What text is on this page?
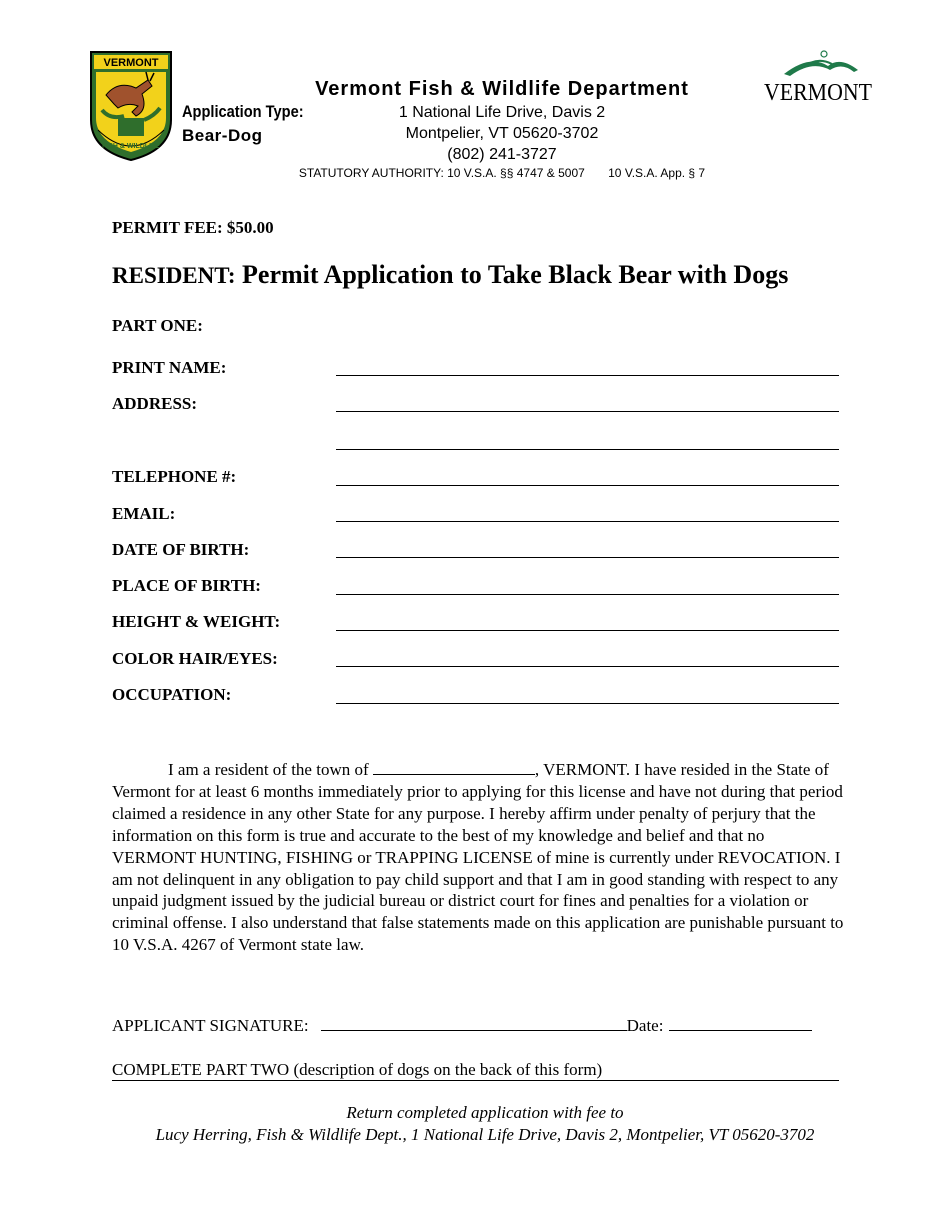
VERMONT
FISH & WILDLIFE
VERMONT
Vermont Fish & Wildlife Department
1 National Life Drive, Davis 2
Montpelier, VT 05620-3702
(802) 241-3727
STATUTORY AUTHORITY: 10 V.S.A. §§ 4747 & 5007       10 V.S.A. App. § 7
Application Type:
Bear-Dog
PERMIT FEE: $50.00
RESIDENT: Permit Application to Take Black Bear with Dogs
PART ONE:
PRINT NAME:
ADDRESS:
TELEPHONE #:
EMAIL:
DATE OF BIRTH:
PLACE OF BIRTH:
HEIGHT & WEIGHT:
COLOR HAIR/EYES:
OCCUPATION:
I am a resident of the town of	, VERMONT. I have resided in the State of Vermont for at least 6 months immediately prior to applying for this license and have not during that period claimed a residence in any other State for any purpose. I hereby affirm under penalty of perjury that the information on this form is true and accurate to the best of my knowledge and belief and that no VERMONT HUNTING, FISHING or TRAPPING LICENSE of mine is currently under REVOCATION. I am not delinquent in any obligation to pay child support and that I am in good standing with respect to any unpaid judgment issued by the judicial bureau or district court for fines and penalties for a violation or criminal offense. I also understand that false statements made on this application are punishable pursuant to 10 V.S.A. 4267 of Vermont state law.
APPLICANT SIGNATURE:	Date:
COMPLETE PART TWO (description of dogs on the back of this form)
Return completed application with fee to
Lucy Herring, Fish & Wildlife Dept., 1 National Life Drive, Davis 2, Montpelier, VT 05620-3702
